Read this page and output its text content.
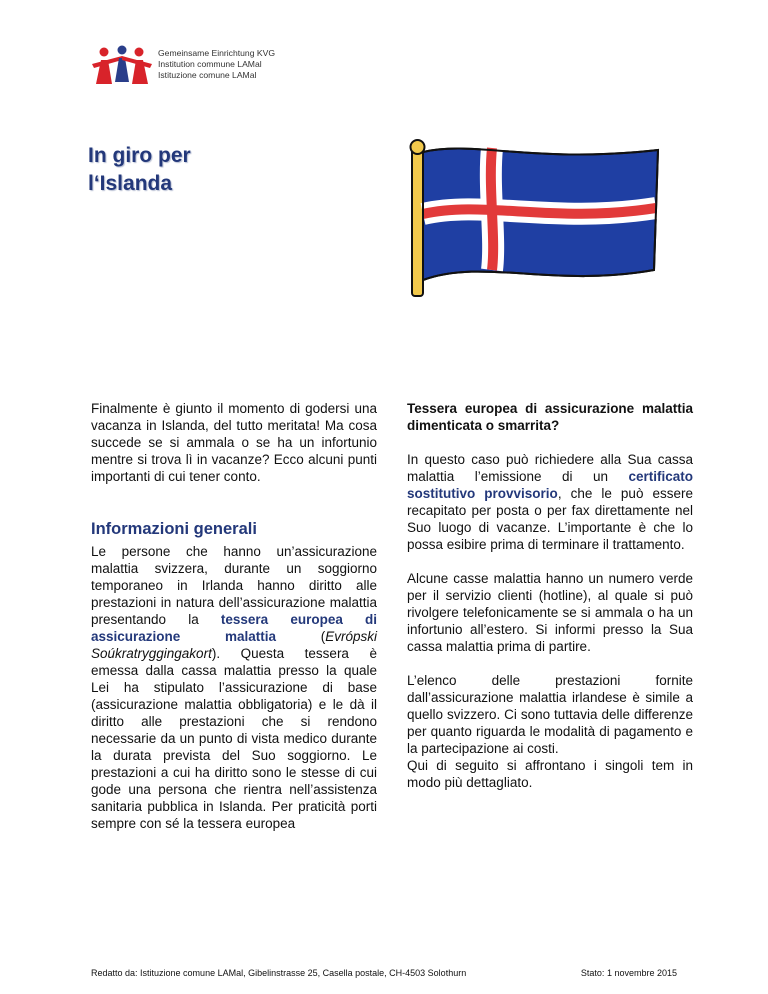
Gemeinsame Einrichtung KVG
Institution commune LAMal
Istituzione comune LAMal
In giro per
l‘Islanda

Finalmente è giunto il momento di godersi una vacanza in Islanda, del tutto meritata! Ma cosa succede se si ammala o se ha un infortunio mentre si trova lì in vacanze? Ecco alcuni punti importanti di cui tener conto.

Informazioni generali

Le persone che hanno un’assicurazione malattia svizzera, durante un soggiorno temporaneo in Irlanda hanno diritto alle prestazioni in natura dell’assicurazione malattia presentando la tessera europea di assicurazione malattia (Evrópski Soúkratryggingakort). Questa tessera è emessa dalla cassa malattia presso la quale Lei ha stipulato l’assicurazione di base (assicurazione malattia obbligatoria) e le dà il diritto alle prestazioni che si rendono necessarie da un punto di vista medico durante la durata prevista del Suo soggiorno. Le prestazioni a cui ha diritto sono le stesse di cui gode una persona che rientra nell’assistenza sanitaria pubblica in Islanda. Per praticità porti sempre con sé la tessera europea

Tessera europea di assicurazione malattia dimenticata o smarrita?

In questo caso può richiedere alla Sua cassa malattia l’emissione di un certificato sostitutivo provvisorio, che le può essere recapitato per posta o per fax direttamente nel Suo luogo di vacanze. L’importante è che lo possa esibire prima di terminare il trattamento.

Alcune casse malattia hanno un numero verde per il servizio clienti (hotline), al quale si può rivolgere telefonicamente se si ammala o ha un infortunio all’estero. Si informi presso la Sua cassa malattia prima di partire.

L’elenco delle prestazioni fornite dall’assicurazione malattia irlandese è simile a quello svizzero. Ci sono tuttavia delle differenze per quanto riguarda le modalità di pagamento e la partecipazione ai costi.

Qui di seguito si affrontano i singoli tem in modo più dettagliato.

Redatto da: Istituzione comune LAMal, Gibelinstrasse 25, Casella postale, CH-4503 Solothurn	Stato: 1 novembre 2015
